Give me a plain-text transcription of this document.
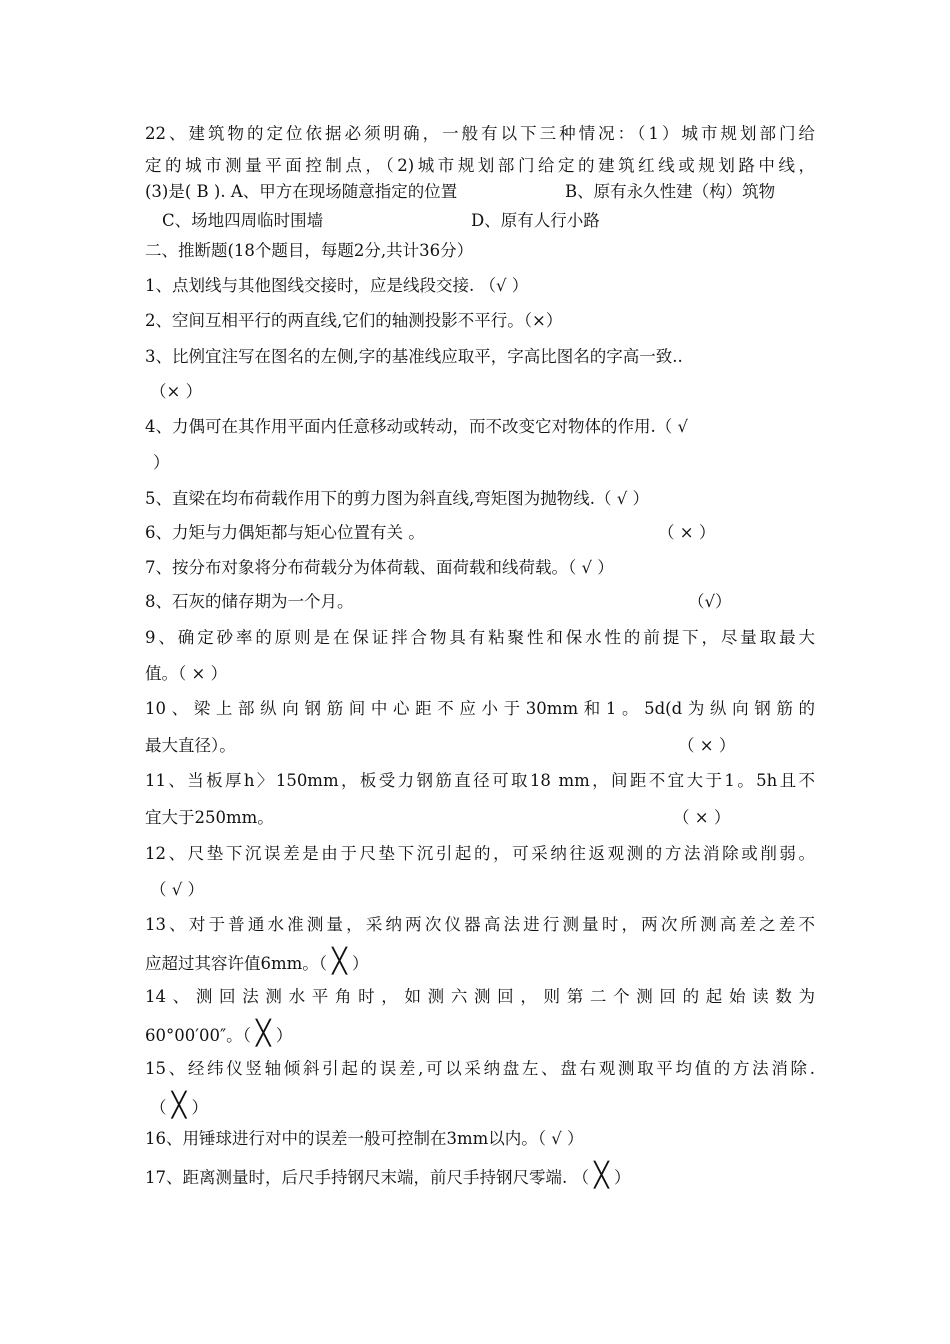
22、建筑物的定位依据必须明确，一般有以下三种情况：（1）城市规划部门给
定的城市测量平面控制点，（2)城市规划部门给定的建筑红线或规划路中线，
(3)是( B ). A、甲方在现场随意指定的位置	B、原有永久性建（构）筑物
C、场地四周临时围墙	D、原有人行小路
二、推断题(18个题目，每题2分,共计36分）
1、点划线与其他图线交接时，应是线段交接. （√ ）
2、空间互相平行的两直线,它们的轴测投影不平行。（×）
3、比例宜注写在图名的左侧,字的基准线应取平，字高比图名的字高一致..
（× ）
4、力偶可在其作用平面内任意移动或转动，而不改变它对物体的作用.（ √
）
5、直梁在均布荷载作用下的剪力图为斜直线,弯矩图为抛物线.（ √ ）
6、力矩与力偶矩都与矩心位置有关 。	（ × ）
7、按分布对象将分布荷载分为体荷载、面荷载和线荷载。（ √ ）
8、石灰的储存期为一个月。	（√）
9、确定砂率的原则是在保证拌合物具有粘聚性和保水性的前提下，尽量取最大
值。（ × ）
10、梁上部纵向钢筋间中心距不应小于30mm和1。5d(d为纵向钢筋的
最大直径）。	（ × ）
11、当板厚h〉150mm，板受力钢筋直径可取18 mm，间距不宜大于1。5h且不
宜大于250mm。	（ × ）
12、尺垫下沉误差是由于尺垫下沉引起的，可采纳往返观测的方法消除或削弱。
（ √ ）
13、对于普通水准测量，采纳两次仪器高法进行测量时，两次所测高差之差不
应超过其容许值6mm。（ ╳ ）
14、测回法测水平角时，如测六测回，则第二个测回的起始读数为
60°00′00″。（ ╳ ）
15、经纬仪竖轴倾斜引起的误差,可以采纳盘左、盘右观测取平均值的方法消除.
（ ╳ ）
16、用锤球进行对中的误差一般可控制在3mm以内。（ √ ）
17、距离测量时，后尺手持钢尺末端，前尺手持钢尺零端. （ ╳ ）
